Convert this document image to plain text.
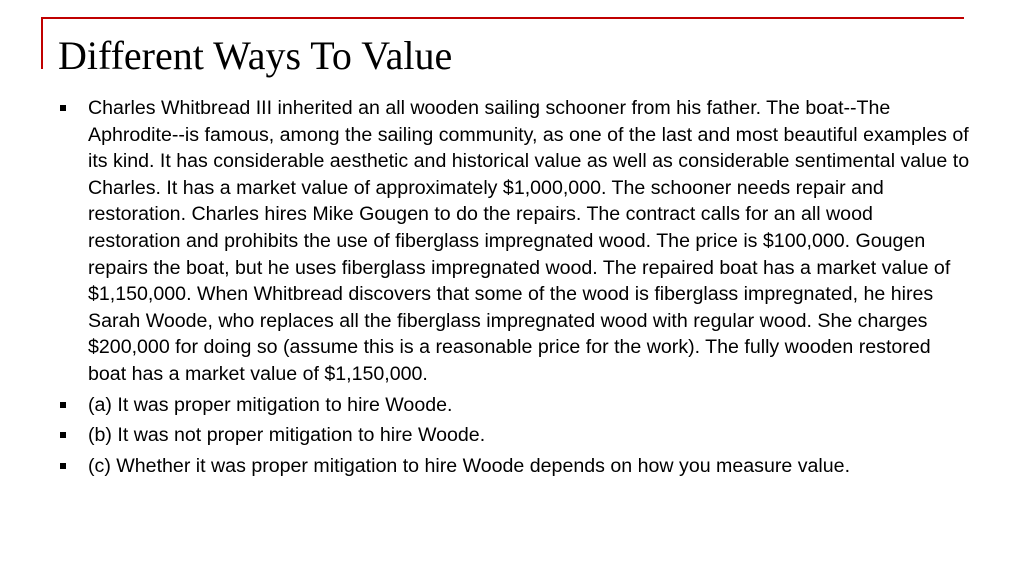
Different Ways To Value
Charles Whitbread III inherited an all wooden sailing schooner from his father. The boat--The Aphrodite--is famous, among the sailing community, as one of the last and most beautiful examples of its kind. It has considerable aesthetic and historical value as well as considerable sentimental value to Charles. It has a market value of approximately $1,000,000. The schooner needs repair and restoration. Charles hires Mike Gougen to do the repairs. The contract calls for an all wood restoration and prohibits the use of fiberglass impregnated wood. The price is $100,000. Gougen repairs the boat, but he uses fiberglass impregnated wood. The repaired boat has a market value of $1,150,000. When Whitbread discovers that some of the wood is fiberglass impregnated, he hires Sarah Woode, who replaces all the fiberglass impregnated wood with regular wood. She charges $200,000 for doing so (assume this is a reasonable price for the work). The fully wooden restored boat has a market value of $1,150,000.
(a) It was proper mitigation to hire Woode.
(b) It was not proper mitigation to hire Woode.
(c) Whether it was proper mitigation to hire Woode depends on how you measure value.
